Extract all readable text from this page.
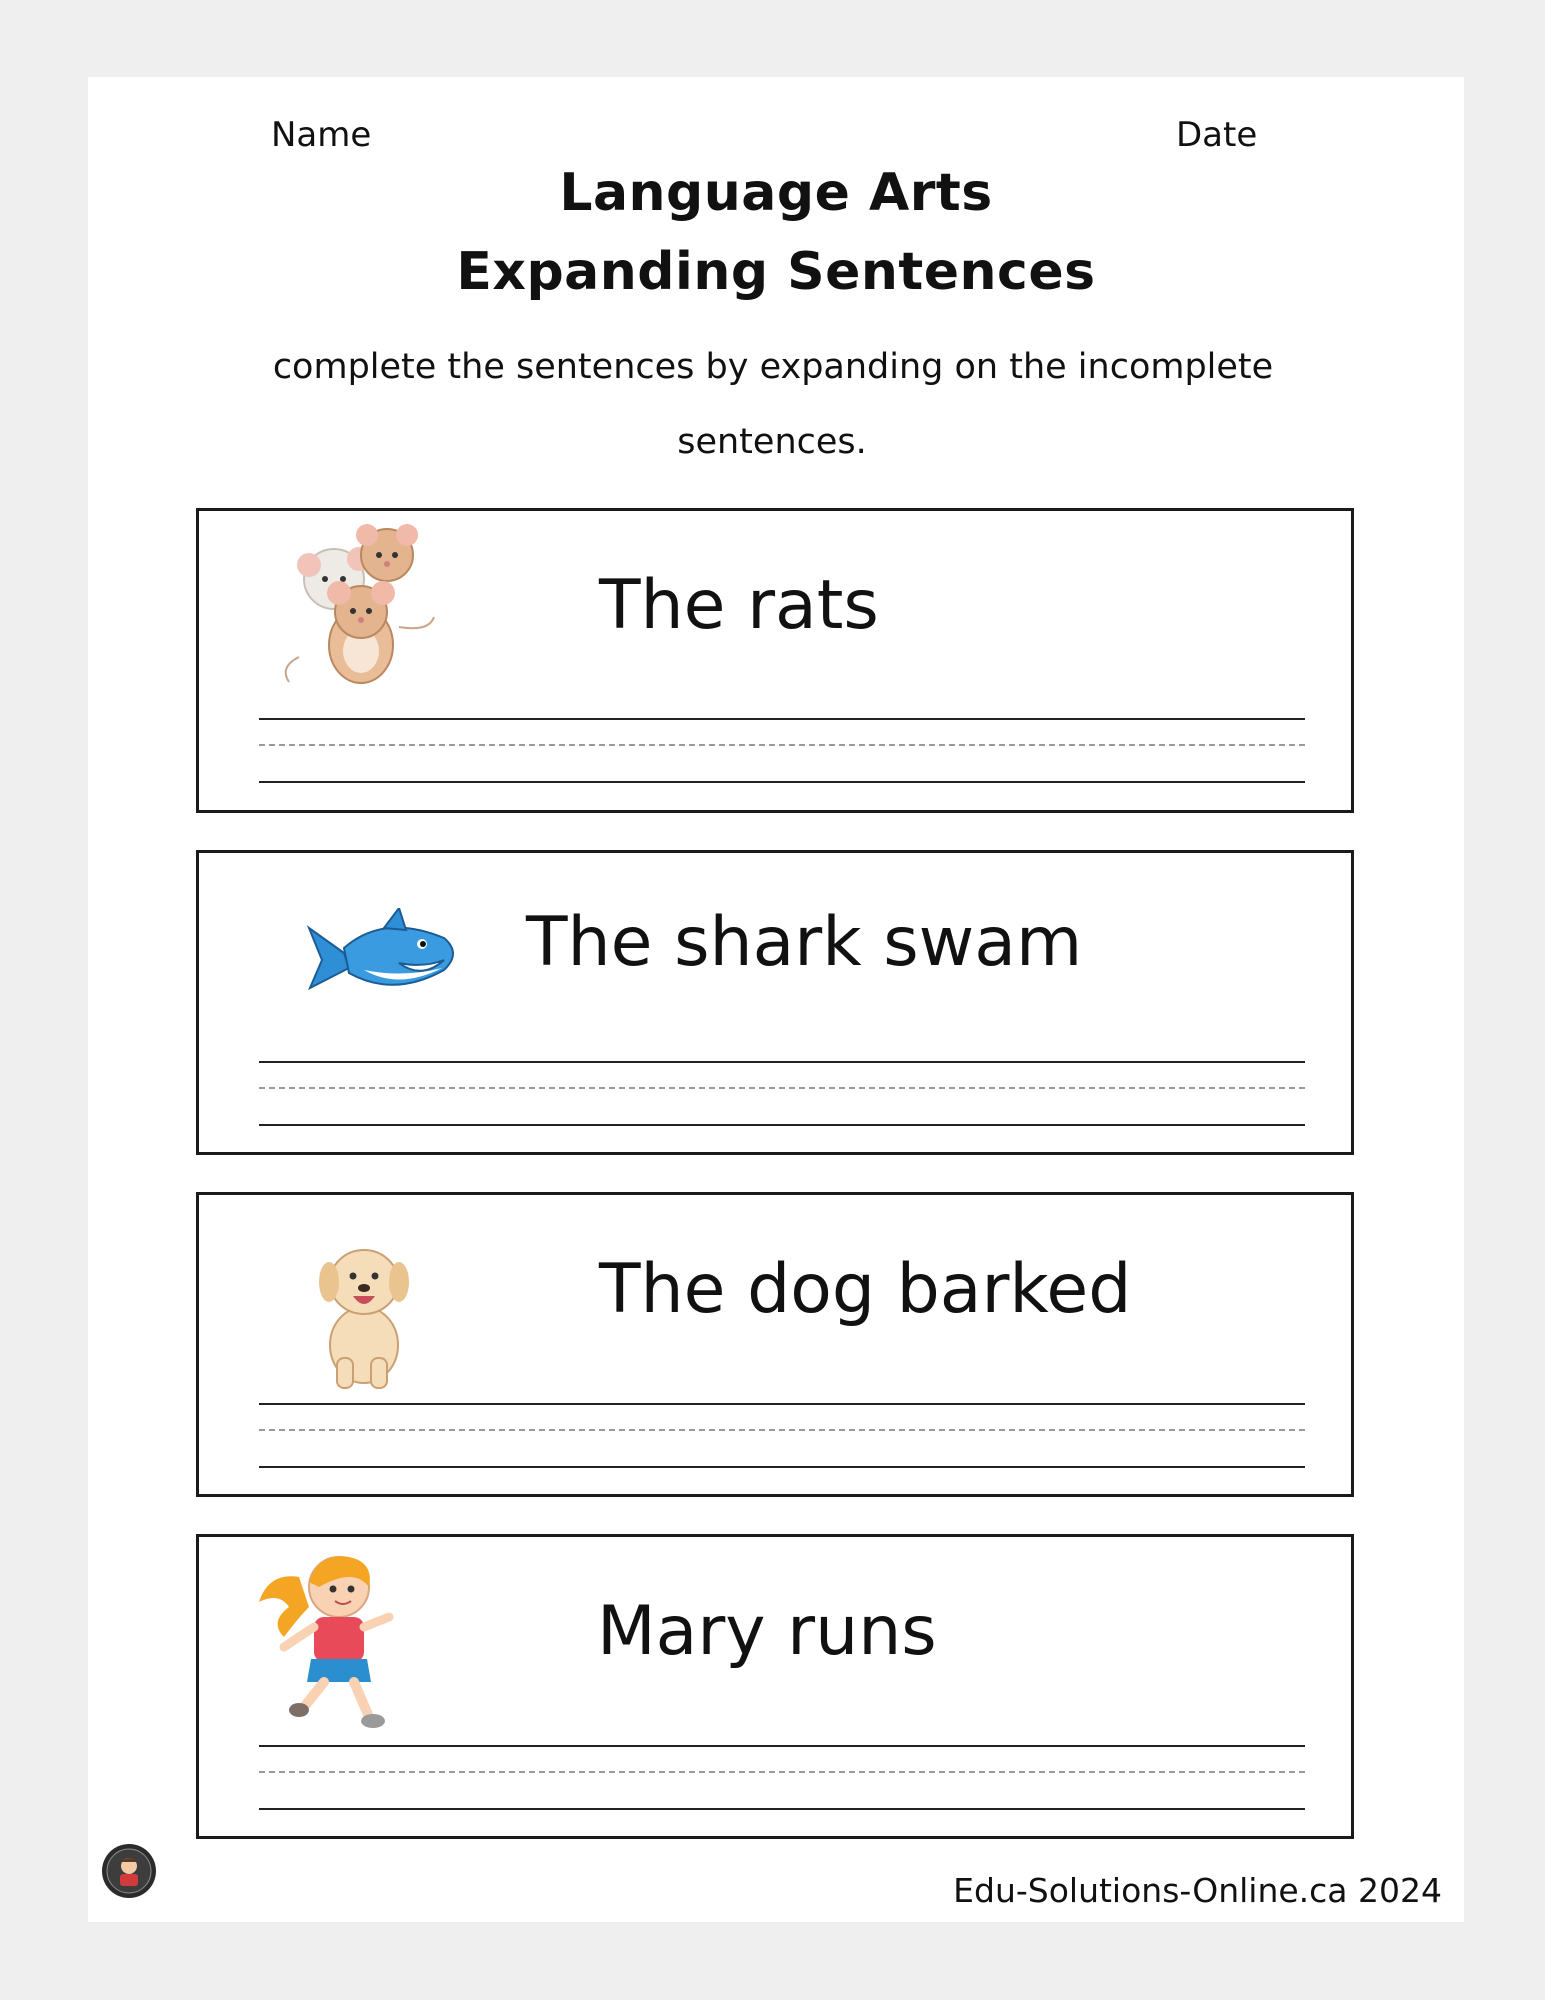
Name	Date
Language Arts
Expanding Sentences
complete the sentences by expanding on the incomplete
sentences.
The rats
The shark swam
The dog barked
Mary runs
Edu-Solutions-Online.ca 2024
